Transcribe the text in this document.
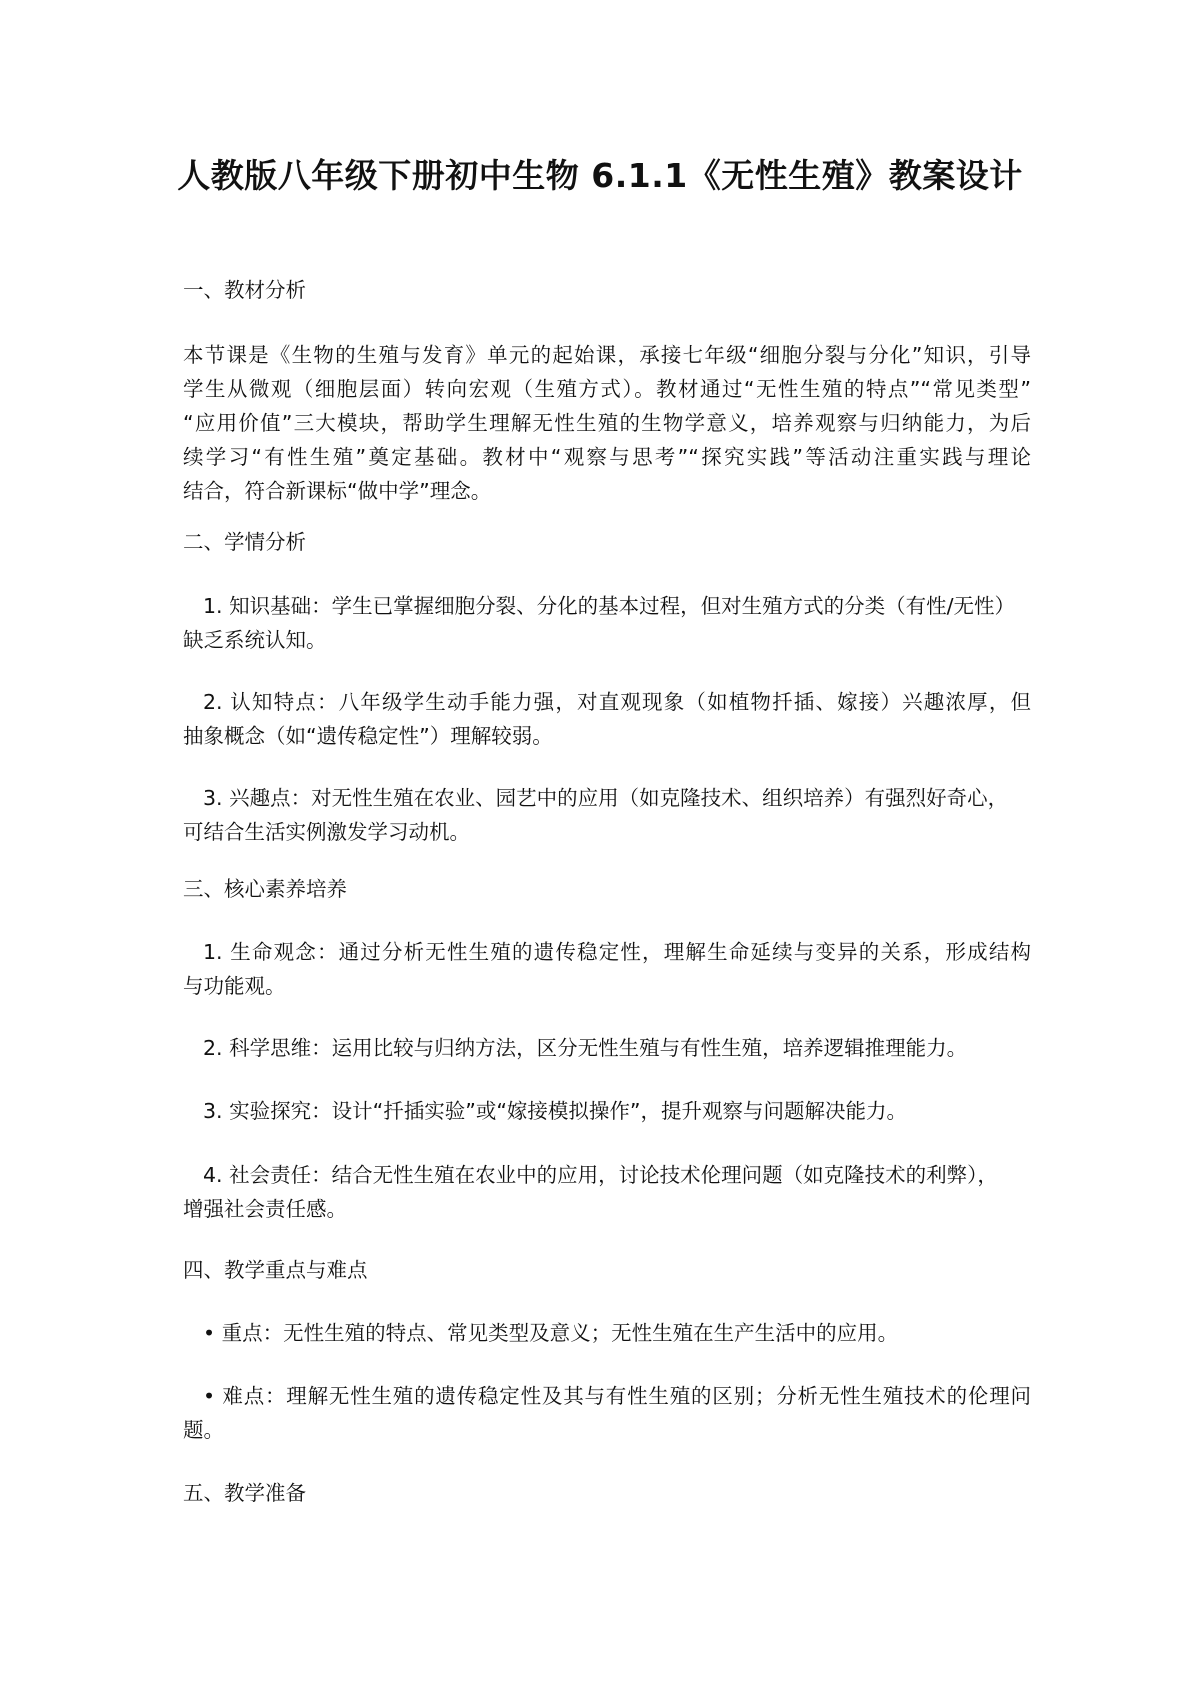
人教版八年级下册初中生物 6.1.1《无性生殖》教案设计

一、教材分析

本节课是《生物的生殖与发育》单元的起始课，承接七年级“细胞分裂与分化”知识，引导

学生从微观（细胞层面）转向宏观（生殖方式）。教材通过“无性生殖的特点”“常见类型”

“应用价值”三大模块，帮助学生理解无性生殖的生物学意义，培养观察与归纳能力，为后

续学习“有性生殖”奠定基础。教材中“观察与思考”“探究实践”等活动注重实践与理论

结合，符合新课标“做中学”理念。

二、学情分析

1. 知识基础：学生已掌握细胞分裂、分化的基本过程，但对生殖方式的分类（有性/无性）

缺乏系统认知。

2. 认知特点：八年级学生动手能力强，对直观现象（如植物扦插、嫁接）兴趣浓厚，但

抽象概念（如“遗传稳定性”）理解较弱。

3. 兴趣点：对无性生殖在农业、园艺中的应用（如克隆技术、组织培养）有强烈好奇心，

可结合生活实例激发学习动机。

三、核心素养培养

1. 生命观念：通过分析无性生殖的遗传稳定性，理解生命延续与变异的关系，形成结构

与功能观。

2. 科学思维：运用比较与归纳方法，区分无性生殖与有性生殖，培养逻辑推理能力。

3. 实验探究：设计“扦插实验”或“嫁接模拟操作”，提升观察与问题解决能力。

4. 社会责任：结合无性生殖在农业中的应用，讨论技术伦理问题（如克隆技术的利弊），

增强社会责任感。

四、教学重点与难点

• 重点：无性生殖的特点、常见类型及意义；无性生殖在生产生活中的应用。

• 难点：理解无性生殖的遗传稳定性及其与有性生殖的区别；分析无性生殖技术的伦理问

题。

五、教学准备
